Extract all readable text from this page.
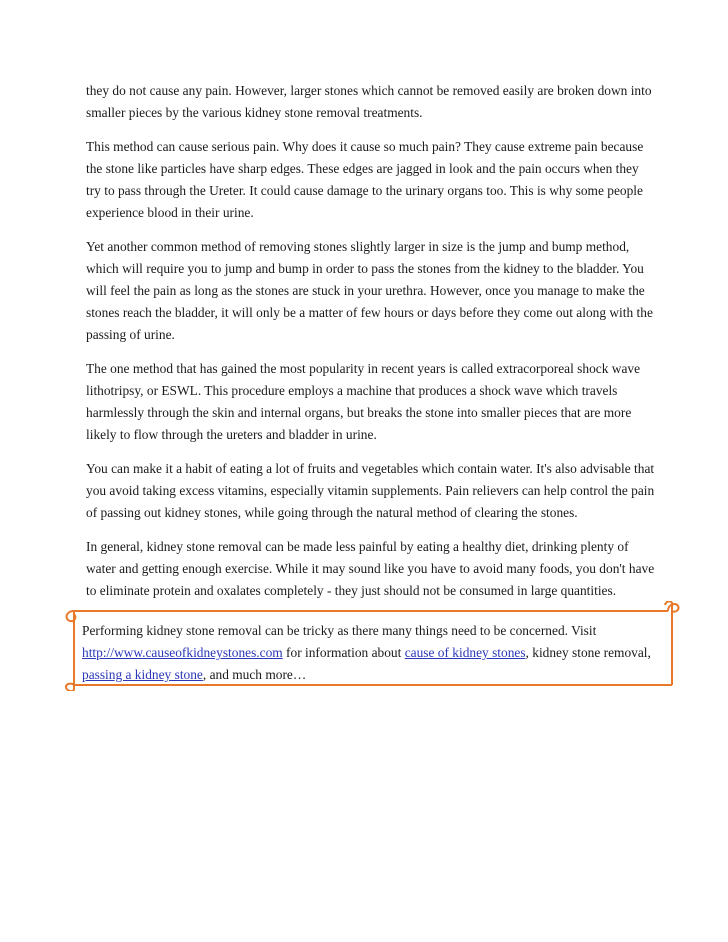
they do not cause any pain. However, larger stones which cannot be removed easily are broken down into smaller pieces by the various kidney stone removal treatments.

This method can cause serious pain. Why does it cause so much pain? They cause extreme pain because the stone like particles have sharp edges. These edges are jagged in look and the pain occurs when they try to pass through the Ureter. It could cause damage to the urinary organs too. This is why some people experience blood in their urine.

Yet another common method of removing stones slightly larger in size is the jump and bump method, which will require you to jump and bump in order to pass the stones from the kidney to the bladder. You will feel the pain as long as the stones are stuck in your urethra. However, once you manage to make the stones reach the bladder, it will only be a matter of few hours or days before they come out along with the passing of urine.

The one method that has gained the most popularity in recent years is called extracorporeal shock wave lithotripsy, or ESWL. This procedure employs a machine that produces a shock wave which travels harmlessly through the skin and internal organs, but breaks the stone into smaller pieces that are more likely to flow through the ureters and bladder in urine.

You can make it a habit of eating a lot of fruits and vegetables which contain water. It's also advisable that you avoid taking excess vitamins, especially vitamin supplements. Pain relievers can help control the pain of passing out kidney stones, while going through the natural method of clearing the stones.

In general, kidney stone removal can be made less painful by eating a healthy diet, drinking plenty of water and getting enough exercise. While it may sound like you have to avoid many foods, you don't have to eliminate protein and oxalates completely - they just should not be consumed in large quantities.

Performing kidney stone removal can be tricky as there many things need to be concerned. Visit http://www.causeofkidneystones.com for information about cause of kidney stones, kidney stone removal, passing a kidney stone, and much more…
